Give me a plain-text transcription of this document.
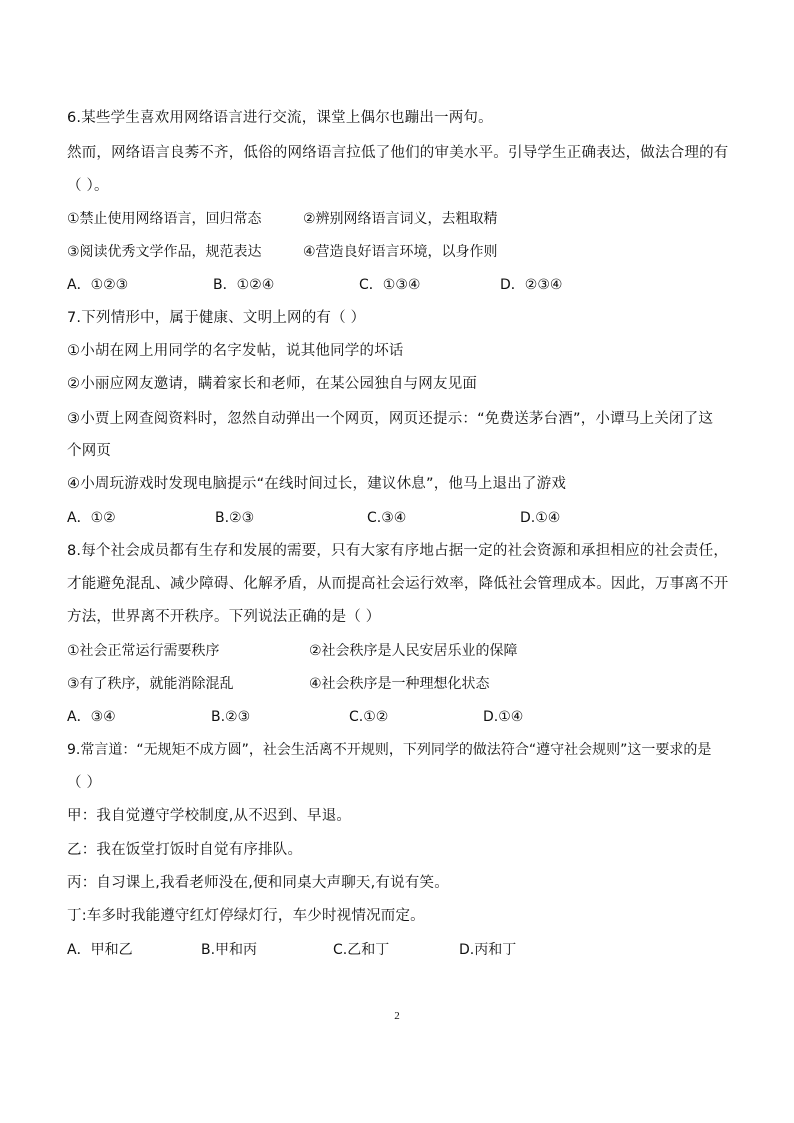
6.某些学生喜欢用网络语言进行交流，课堂上偶尔也蹦出一两句。
然而，网络语言良莠不齐，低俗的网络语言拉低了他们的审美水平。引导学生正确表达，做法合理的有
（ ）。
①禁止使用网络语言，回归常态	②辨别网络语言词义，去粗取精
③阅读优秀文学作品，规范表达	④营造良好语言环境，以身作则
A．①②③	B．①②④	C．①③④	D．②③④
7.下列情形中，属于健康、文明上网的有（ ）
①小胡在网上用同学的名字发帖，说其他同学的坏话
②小丽应网友邀请，瞒着家长和老师，在某公园独自与网友见面
③小贾上网查阅资料时，忽然自动弹出一个网页，网页还提示：“免费送茅台酒”，小谭马上关闭了这
个网页
④小周玩游戏时发现电脑提示“在线时间过长，建议休息”，他马上退出了游戏
A．①②	B.②③	C.③④	D.①④
8.每个社会成员都有生存和发展的需要，只有大家有序地占据一定的社会资源和承担相应的社会责任，
才能避免混乱、减少障碍、化解矛盾，从而提高社会运行效率，降低社会管理成本。因此，万事离不开
方法，世界离不开秩序。下列说法正确的是（ ）
①社会正常运行需要秩序	②社会秩序是人民安居乐业的保障
③有了秩序，就能消除混乱	④社会秩序是一种理想化状态
A．③④	B.②③	C.①②	D.①④
9.常言道：“无规矩不成方圆”，社会生活离不开规则，下列同学的做法符合“遵守社会规则”这一要求的是
（ ）
甲：我自觉遵守学校制度,从不迟到、早退。
乙：我在饭堂打饭时自觉有序排队。
丙：自习课上,我看老师没在,便和同桌大声聊天,有说有笑。
丁:车多时我能遵守红灯停绿灯行，车少时视情况而定。
A．甲和乙	B.甲和丙	C.乙和丁	D.丙和丁
2
